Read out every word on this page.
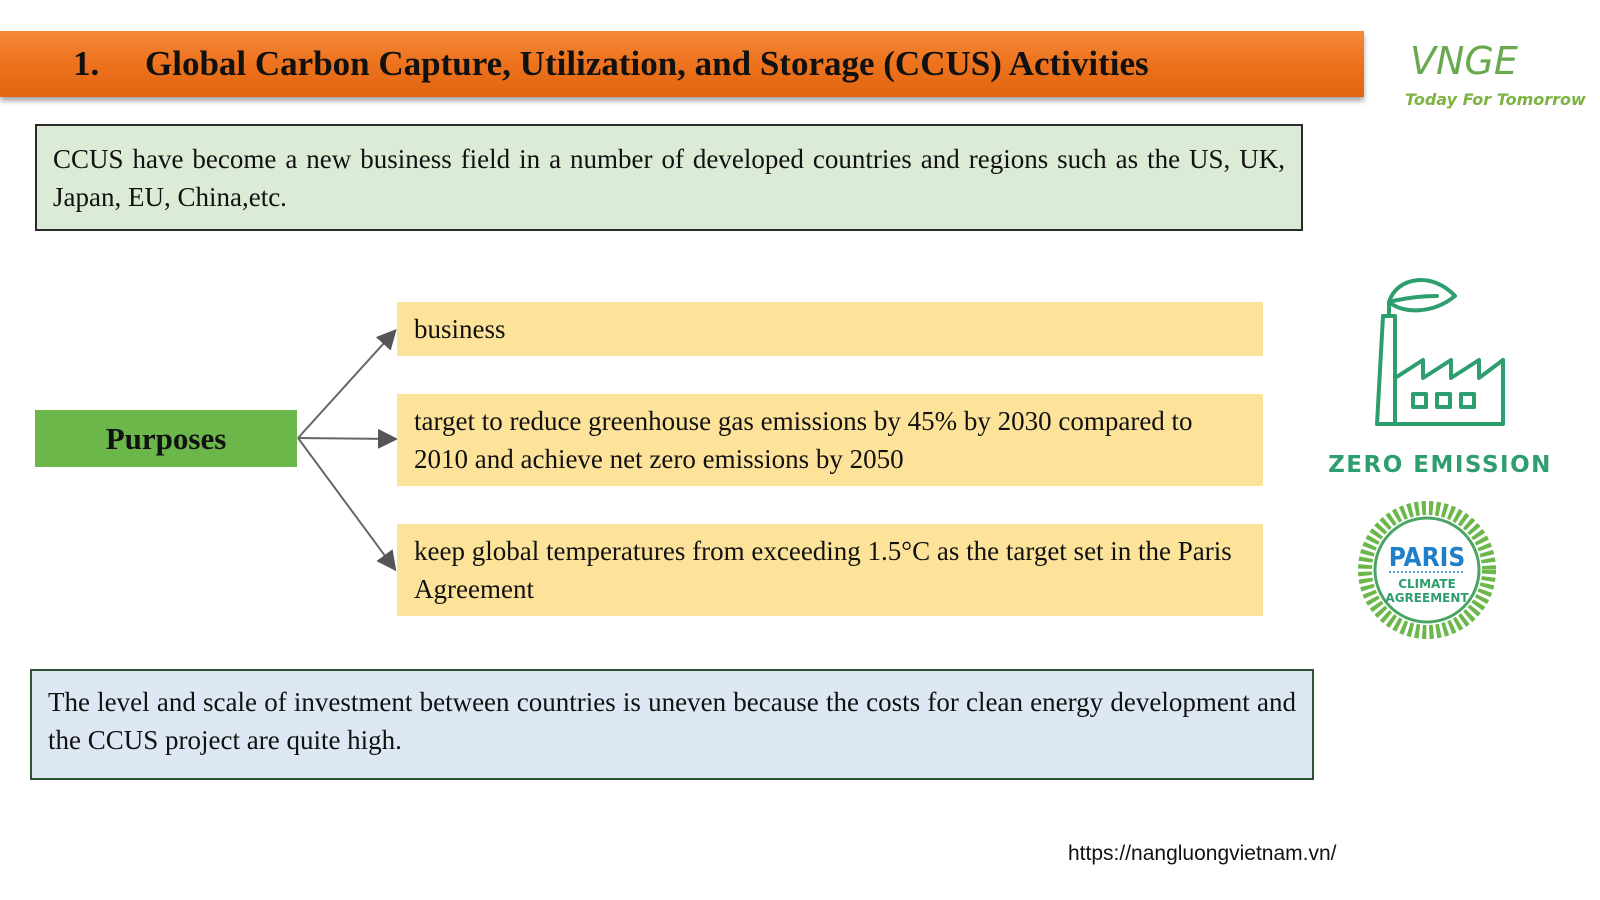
1. Global Carbon Capture, Utilization, and Storage (CCUS) Activities	VNGE
Today For Tomorrow
CCUS have become a new business field in a number of developed countries and regions such as the US, UK, Japan, EU, China,etc.
Purposes
business
target to reduce greenhouse gas emissions by 45% by 2030 compared to 2010 and achieve net zero emissions by 2050
keep global temperatures from exceeding 1.5°C as the target set in the Paris Agreement
The level and scale of investment between countries is uneven because the costs for clean energy development and the CCUS project are quite high.
ZERO EMISSION
PARIS
CLIMATE
AGREEMENT
https://nangluongvietnam.vn/
